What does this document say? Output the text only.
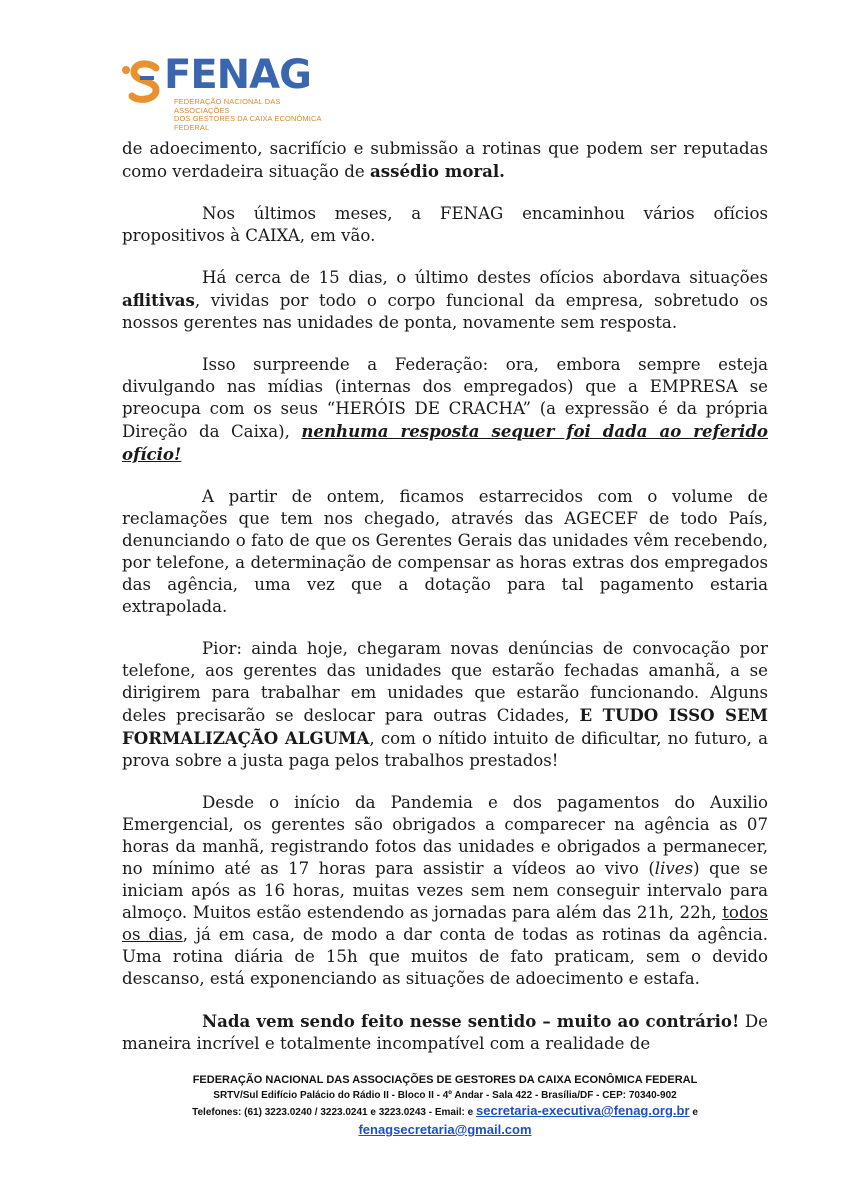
FENAG
FEDERAÇÃO NACIONAL DAS ASSOCIAÇÕES
DOS GESTORES DA CAIXA ECONÔMICA FEDERAL

de adoecimento, sacrifício e submissão a rotinas que podem ser reputadas como verdadeira situação de assédio moral.

Nos últimos meses, a FENAG encaminhou vários ofícios propositivos à CAIXA, em vão.

Há cerca de 15 dias, o último destes ofícios abordava situações aflitivas, vividas por todo o corpo funcional da empresa, sobretudo os nossos gerentes nas unidades de ponta, novamente sem resposta.

Isso surpreende a Federação: ora, embora sempre esteja divulgando nas mídias (internas dos empregados) que a EMPRESA se preocupa com os seus “HERÓIS DE CRACHA” (a expressão é da própria Direção da Caixa), nenhuma resposta sequer foi dada ao referido ofício!

A partir de ontem, ficamos estarrecidos com o volume de reclamações que tem nos chegado, através das AGECEF de todo País, denunciando o fato de que os Gerentes Gerais das unidades vêm recebendo, por telefone, a determinação de compensar as horas extras dos empregados das agência, uma vez que a dotação para tal pagamento estaria extrapolada.

Pior: ainda hoje, chegaram novas denúncias de convocação por telefone, aos gerentes das unidades que estarão fechadas amanhã, a se dirigirem para trabalhar em unidades que estarão funcionando. Alguns deles precisarão se deslocar para outras Cidades, E TUDO ISSO SEM FORMALIZAÇÃO ALGUMA, com o nítido intuito de dificultar, no futuro, a prova sobre a justa paga pelos trabalhos prestados!

Desde o início da Pandemia e dos pagamentos do Auxilio Emergencial, os gerentes são obrigados a comparecer na agência as 07 horas da manhã, registrando fotos das unidades e obrigados a permanecer, no mínimo até as 17 horas para assistir a vídeos ao vivo (lives) que se iniciam após as 16 horas, muitas vezes sem nem conseguir intervalo para almoço. Muitos estão estendendo as jornadas para além das 21h, 22h, todos os dias, já em casa, de modo a dar conta de todas as rotinas da agência. Uma rotina diária de 15h que muitos de fato praticam, sem o devido descanso, está exponenciando as situações de adoecimento e estafa.

Nada vem sendo feito nesse sentido – muito ao contrário! De maneira incrível e totalmente incompatível com a realidade de

FEDERAÇÃO NACIONAL DAS ASSOCIAÇÕES DE GESTORES DA CAIXA ECONÔMICA FEDERAL
SRTV/Sul Edifício Palácio do Rádio II - Bloco II - 4º Andar - Sala 422 - Brasília/DF - CEP: 70340-902
Telefones: (61) 3223.0240 / 3223.0241 e 3223.0243 - Email: e secretaria-executiva@fenag.org.br e
fenagsecretaria@gmail.com
